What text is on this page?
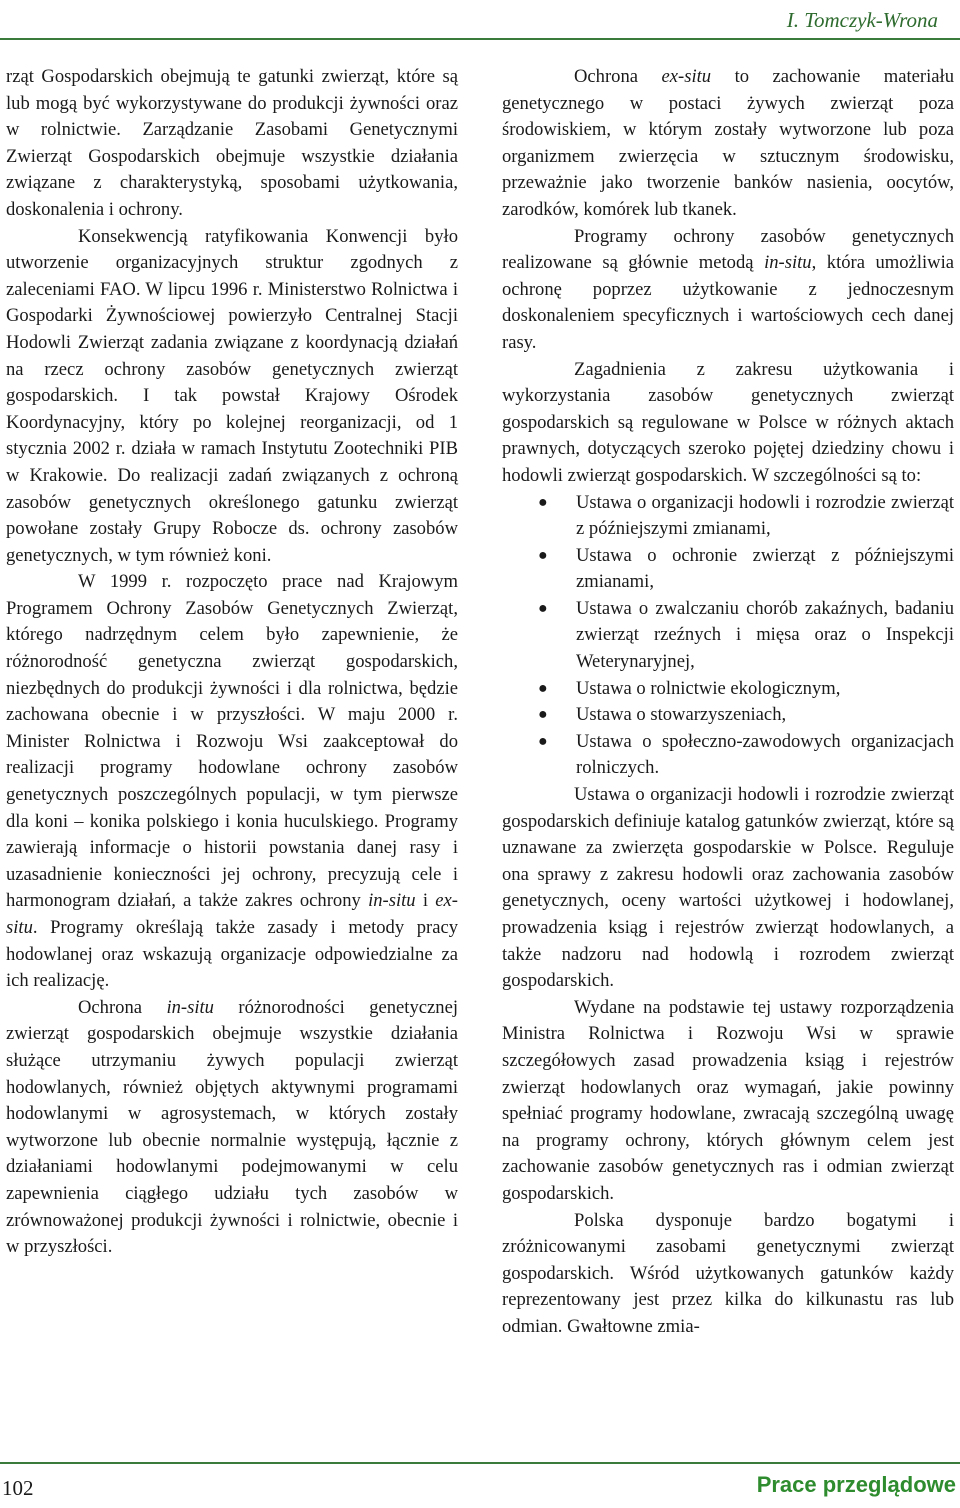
I. Tomczyk-Wrona

rząt Gospodarskich obejmują te gatunki zwierząt, które są lub mogą być wykorzystywane do produkcji żywności oraz w rolnictwie. Zarządzanie Zasobami Genetycznymi Zwierząt Gospodarskich obejmuje wszystkie działania związane z charakterystyką, sposobami użytkowania, doskonalenia i ochrony.

Konsekwencją ratyfikowania Konwencji było utworzenie organizacyjnych struktur zgodnych z zaleceniami FAO. W lipcu 1996 r. Ministerstwo Rolnictwa i Gospodarki Żywnościowej powierzyło Centralnej Stacji Hodowli Zwierząt zadania związane z koordynacją działań na rzecz ochrony zasobów genetycznych zwierząt gospodarskich. I tak powstał Krajowy Ośrodek Koordynacyjny, który po kolejnej reorganizacji, od 1 stycznia 2002 r. działa w ramach Instytutu Zootechniki PIB w Krakowie. Do realizacji zadań związanych z ochroną zasobów genetycznych określonego gatunku zwierząt powołane zostały Grupy Robocze ds. ochrony zasobów genetycznych, w tym również koni.

W 1999 r. rozpoczęto prace nad Krajowym Programem Ochrony Zasobów Genetycznych Zwierząt, którego nadrzędnym celem było zapewnienie, że różnorodność genetyczna zwierząt gospodarskich, niezbędnych do produkcji żywności i dla rolnictwa, będzie zachowana obecnie i w przyszłości. W maju 2000 r. Minister Rolnictwa i Rozwoju Wsi zaakceptował do realizacji programy hodowlane ochrony zasobów genetycznych poszczególnych populacji, w tym pierwsze dla koni – konika polskiego i konia huculskiego. Programy zawierają informacje o historii powstania danej rasy i uzasadnienie konieczności jej ochrony, precyzują cele i harmonogram działań, a także zakres ochrony in-situ i ex-situ. Programy określają także zasady i metody pracy hodowlanej oraz wskazują organizacje odpowiedzialne za ich realizację.

Ochrona in-situ różnorodności genetycznej zwierząt gospodarskich obejmuje wszystkie działania służące utrzymaniu żywych populacji zwierząt hodowlanych, również objętych aktywnymi programami hodowlanymi w agrosystemach, w których zostały wytworzone lub obecnie normalnie występują, łącznie z działaniami hodowlanymi podejmowanymi w celu zapewnienia ciągłego udziału tych zasobów w zrównoważonej produkcji żywności i rolnictwie, obecnie i w przyszłości.

Ochrona ex-situ to zachowanie materiału genetycznego w postaci żywych zwierząt poza środowiskiem, w którym zostały wytworzone lub poza organizmem zwierzęcia w sztucznym środowisku, przeważnie jako tworzenie banków nasienia, oocytów, zarodków, komórek lub tkanek.

Programy ochrony zasobów genetycznych realizowane są głównie metodą in-situ, która umożliwia ochronę poprzez użytkowanie z jednoczesnym doskonaleniem specyficznych i wartościowych cech danej rasy.

Zagadnienia z zakresu użytkowania i wykorzystania zasobów genetycznych zwierząt gospodarskich są regulowane w Polsce w różnych aktach prawnych, dotyczących szeroko pojętej dziedziny chowu i hodowli zwierząt gospodarskich. W szczególności są to:

● Ustawa o organizacji hodowli i rozrodzie zwierząt z późniejszymi zmianami,
● Ustawa o ochronie zwierząt z późniejszymi zmianami,
● Ustawa o zwalczaniu chorób zakaźnych, badaniu zwierząt rzeźnych i mięsa oraz o Inspekcji Weterynaryjnej,
● Ustawa o rolnictwie ekologicznym,
● Ustawa o stowarzyszeniach,
● Ustawa o społeczno-zawodowych organizacjach rolniczych.

Ustawa o organizacji hodowli i rozrodzie zwierząt gospodarskich definiuje katalog gatunków zwierząt, które są uznawane za zwierzęta gospodarskie w Polsce. Reguluje ona sprawy z zakresu hodowli oraz zachowania zasobów genetycznych, oceny wartości użytkowej i hodowlanej, prowadzenia ksiąg i rejestrów zwierząt hodowlanych, a także nadzoru nad hodowlą i rozrodem zwierząt gospodarskich.

Wydane na podstawie tej ustawy rozporządzenia Ministra Rolnictwa i Rozwoju Wsi w sprawie szczegółowych zasad prowadzenia ksiąg i rejestrów zwierząt hodowlanych oraz wymagań, jakie powinny spełniać programy hodowlane, zwracają szczególną uwagę na programy ochrony, których głównym celem jest zachowanie zasobów genetycznych ras i odmian zwierząt gospodarskich.

Polska dysponuje bardzo bogatymi i zróżnicowanymi zasobami genetycznymi zwierząt gospodarskich. Wśród użytkowanych gatunków każdy reprezentowany jest przez kilka do kilkunastu ras lub odmian. Gwałtowne zmia-

102	Prace przeglądowe
